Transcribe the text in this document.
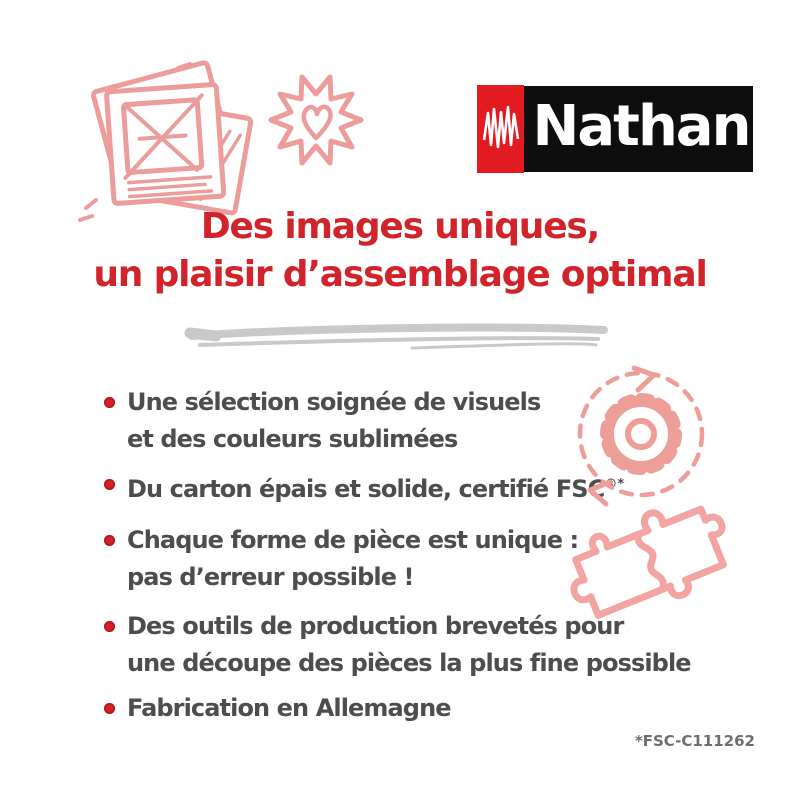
Nathan
Des images uniques,
un plaisir d’assemblage optimal
Une sélection soignée de visuels
et des couleurs sublimées
Du carton épais et solide, certifié FSC®*
Chaque forme de pièce est unique :
pas d’erreur possible !
Des outils de production brevetés pour
une découpe des pièces la plus fine possible
Fabrication en Allemagne
*FSC-C111262
